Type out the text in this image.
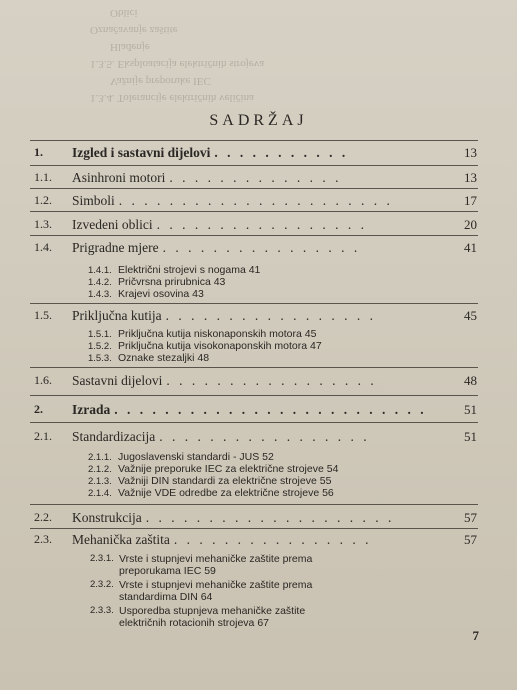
1.3.4. Tolerancije električnih veličina
Važnije preporuke IEC
1.3.5. Eksploatacija električnih strojeva
Hlađenje
Označavanje zaštite
Oblici
SADRŽAJ
1. Izgled i sastavni dijelovi . . . . . . . . . . .	13
1.1. Asinhroni motori . . . . . . . . . . . . . .	13
1.2. Simboli . . . . . . . . . . . . . . . . . . . . . .	17
1.3. Izvedeni oblici . . . . . . . . . . . . . . . . .	20
1.4. Prigradne mjere . . . . . . . . . . . . . . . .	41
1.4.1. Električni strojevi s nogama 41
1.4.2. Pričvrsna prirubnica 43
1.4.3. Krajevi osovina 43
1.5. Priključna kutija . . . . . . . . . . . . . . . . .	45
1.5.1. Priključna kutija niskonaponskih motora 45
1.5.2. Priključna kutija visokonaponskih motora 47
1.5.3. Oznake stezaljki 48
1.6. Sastavni dijelovi . . . . . . . . . . . . . . . . .	48
2. Izrada . . . . . . . . . . . . . . . . . . . . . . . . .	51
2.1. Standardizacija . . . . . . . . . . . . . . . . .	51
2.1.1. Jugoslavenski standardi - JUS 52
2.1.2. Važnije preporuke IEC za električne strojeve 54
2.1.3. Važniji DIN standardi za električne strojeve 55
2.1.4. Važnije VDE odredbe za električne strojeve 56
2.2. Konstrukcija . . . . . . . . . . . . . . . . . . . .	57
2.3. Mehanička zaštita . . . . . . . . . . . . . . . .	57
2.3.1. Vrste i stupnjevi mehaničke zaštite prema
preporukama IEC 59
2.3.2. Vrste i stupnjevi mehaničke zaštite prema
standardima DIN 64
2.3.3. Usporedba stupnjeva mehaničke zaštite
električnih rotacionih strojeva 67
7
